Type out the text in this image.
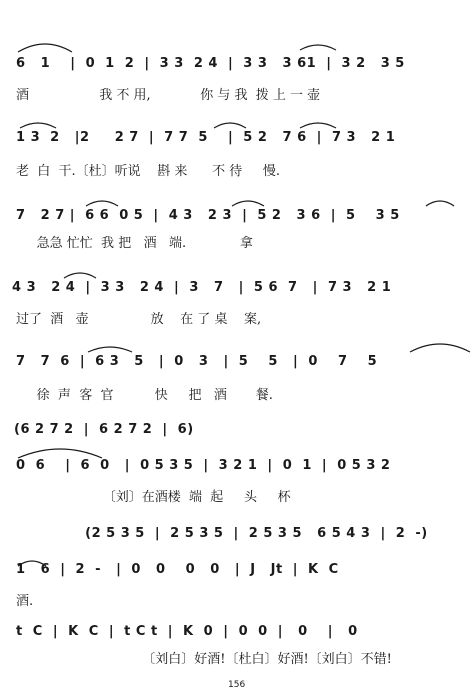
6   1    |  0  1  2  |  3 3  2 4  |  3 3   3 61  |  3 2   3 5
酒                 我 不 用,            你 与 我  拨 上 一 壶
1 3  2   |2     2 7  |  7 7  5    |  5 2   7 6  |  7 3   2 1
老  白  干.〔杜〕听说    斟 来      不 待     慢.
7   2 7 |  6 6  0 5  |  4 3   2 3  |  5 2   3 6  |  5    3 5
急急 忙忙  我 把   酒   端.             拿
4 3   2 4  |  3 3   2 4  |  3   7   |  5 6  7   |  7 3   2 1
过了  酒   壶               放    在 了 桌    案,
7   7  6  |  6 3   5   |  0   3   |  5    5   |  0    7    5
徐  声  客  官          快     把   酒       餐.
(6 2 7 2  |  6 2 7 2  |  6)
0  6    |  6  0   |  0 5 3 5  |  3 2 1  |  0  1  |  0 5 3 2
〔刘〕在酒楼  端  起     头     杯
(2 5 3 5  |  2 5 3 5  |  2 5 3 5   6 5 4 3  |  2  -)
1   6  |  2  -   |  0   0    0   0   |  J   Jt  |  K  C
酒.
t  C  |  K  C  |  t C t  |  K  0  |  0  0  |   0    |   0
〔刘白〕好酒!〔杜白〕好酒!〔刘白〕不错!
156
